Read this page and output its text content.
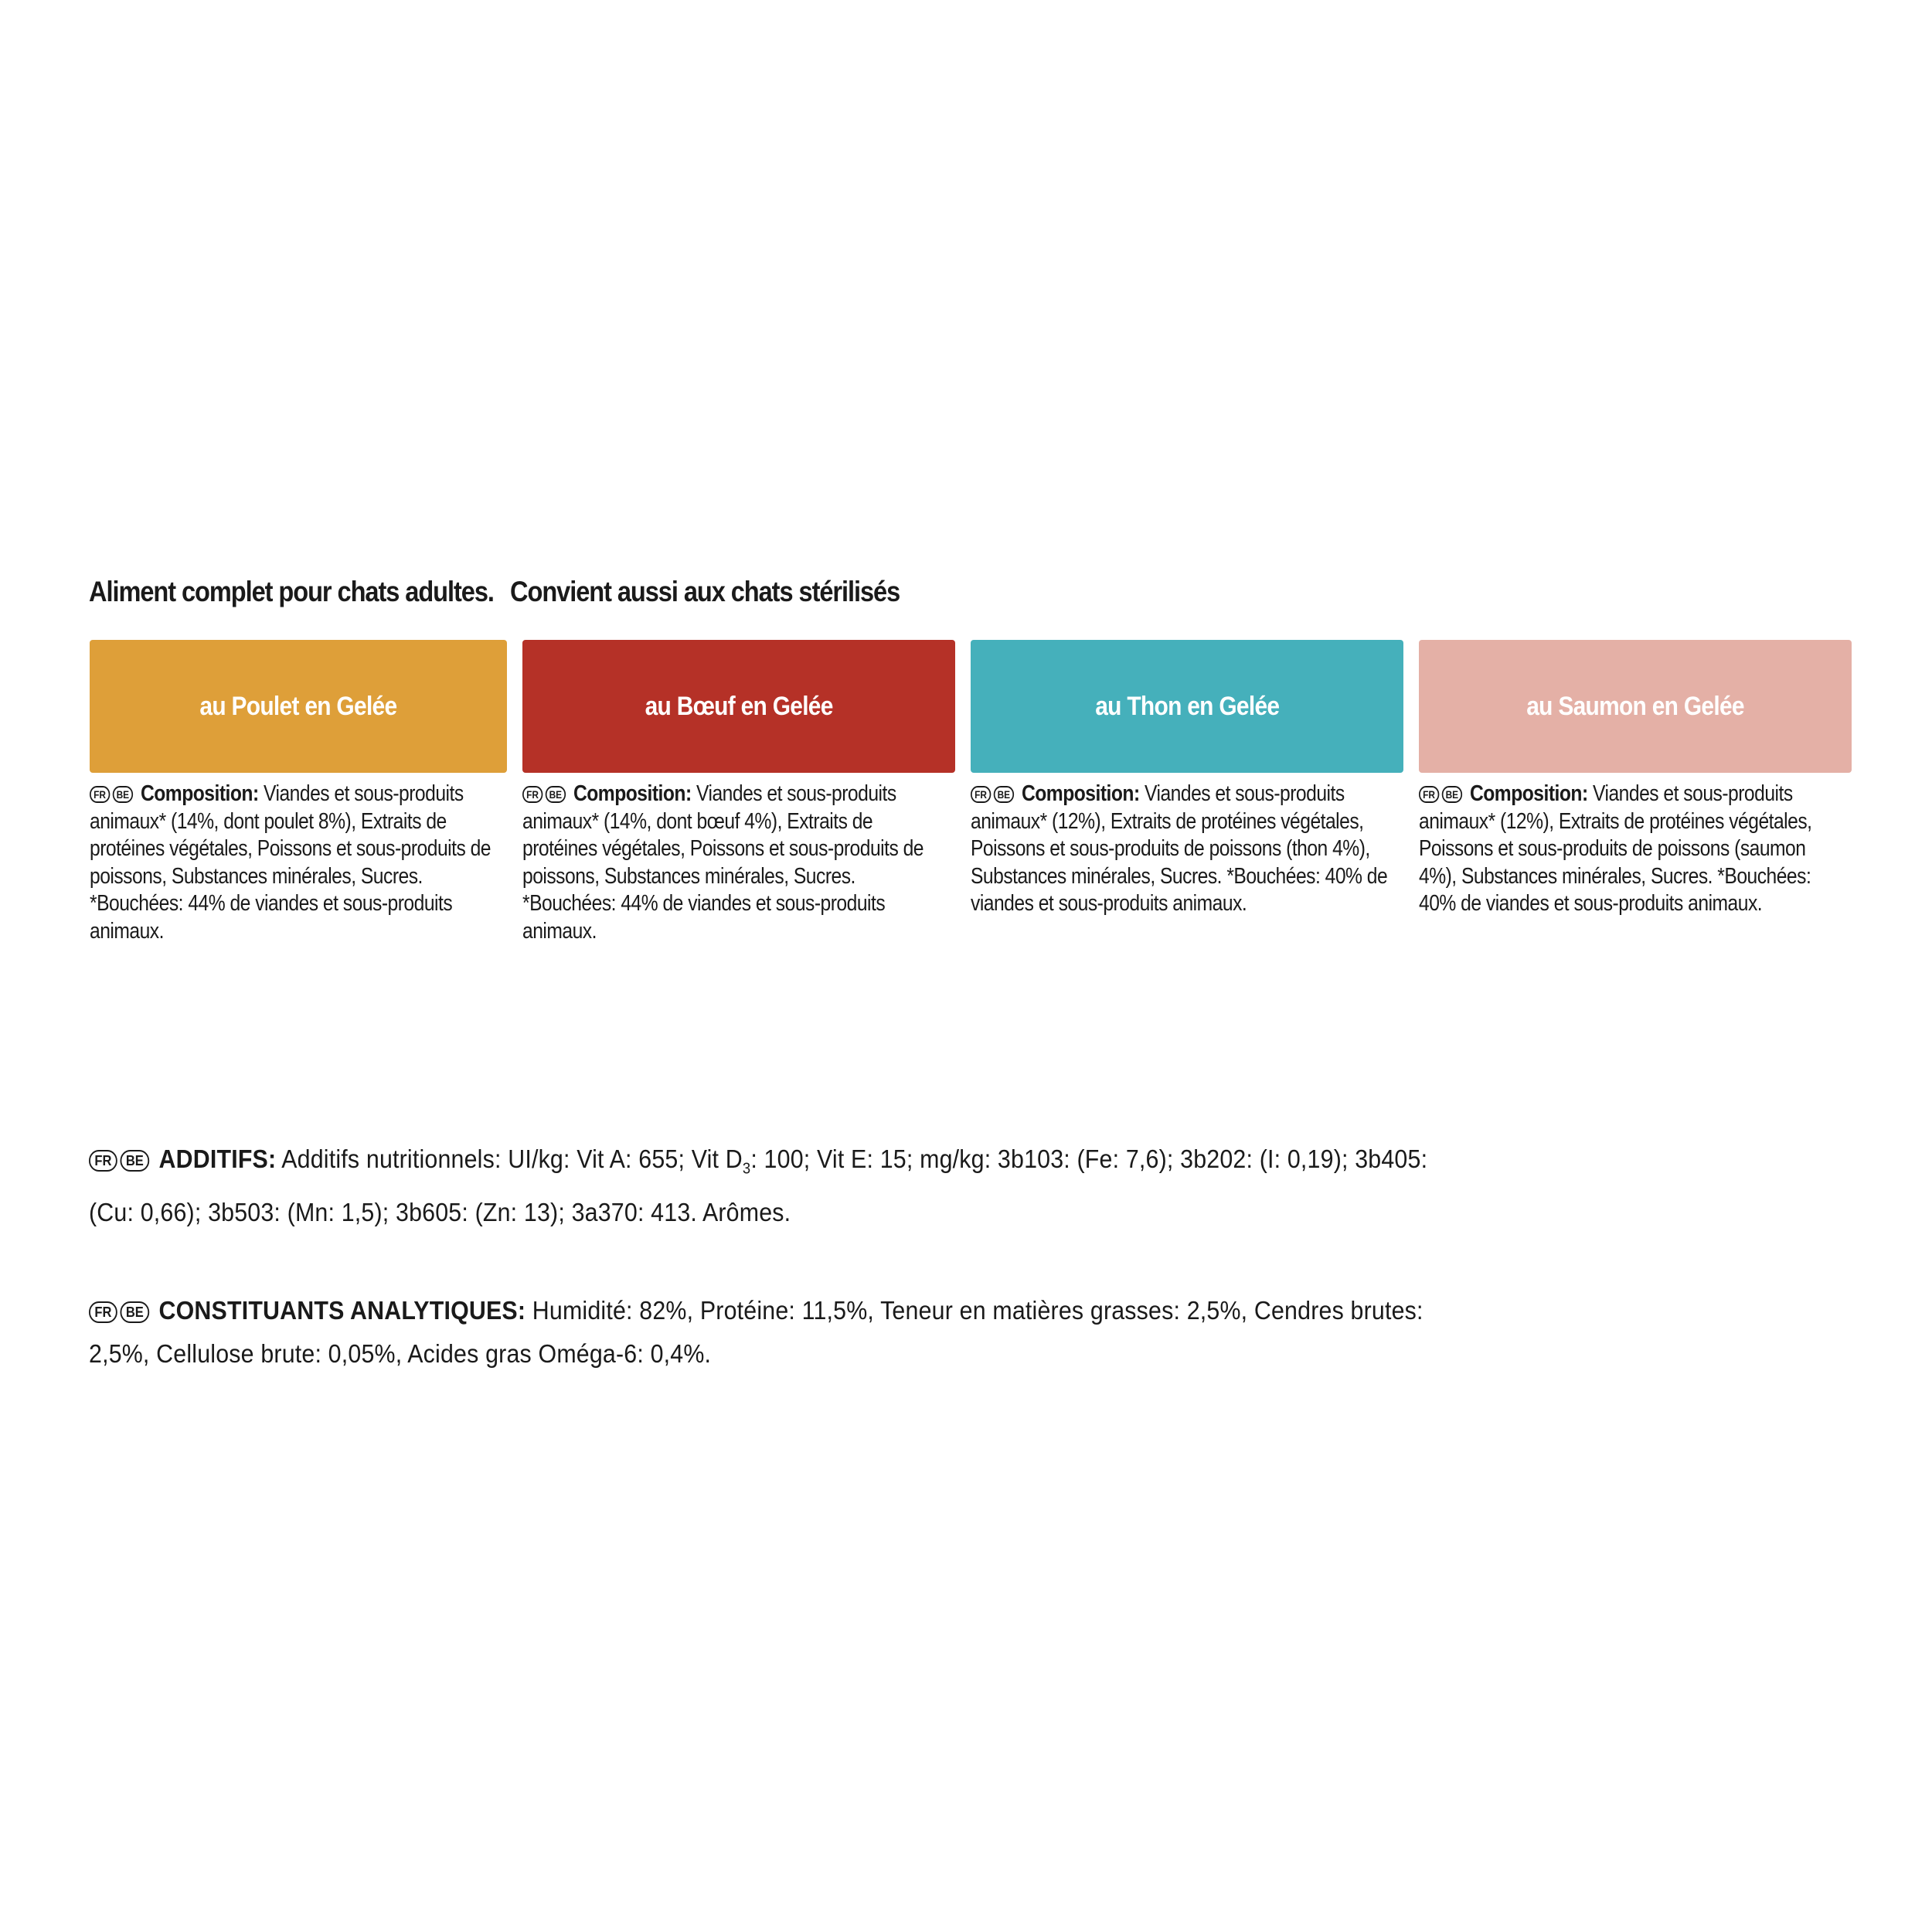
Aliment complet pour chats adultes. Convient aussi aux chats stérilisés
au Poulet en Gelée
FR BE Composition: Viandes et sous-produits animaux* (14%, dont poulet 8%), Extraits de protéines végétales, Poissons et sous-produits de poissons, Substances minérales, Sucres. *Bouchées: 44% de viandes et sous-produits animaux.
au Bœuf en Gelée
FR BE Composition: Viandes et sous-produits animaux* (14%, dont bœuf 4%), Extraits de protéines végétales, Poissons et sous-produits de poissons, Substances minérales, Sucres. *Bouchées: 44% de viandes et sous-produits animaux.
au Thon en Gelée
FR BE Composition: Viandes et sous-produits animaux* (12%), Extraits de protéines végétales, Poissons et sous-produits de poissons (thon 4%), Substances minérales, Sucres. *Bouchées: 40% de viandes et sous-produits animaux.
au Saumon en Gelée
FR BE Composition: Viandes et sous-produits animaux* (12%), Extraits de protéines végétales, Poissons et sous-produits de poissons (saumon 4%), Substances minérales, Sucres. *Bouchées: 40% de viandes et sous-produits animaux.
FR BE ADDITIFS: Additifs nutritionnels: UI/kg: Vit A: 655; Vit $D_3$: 100; Vit E: 15; mg/kg: 3b103: (Fe: 7,6); 3b202: (I: 0,19); 3b405: (Cu: 0,66); 3b503: (Mn: 1,5); 3b605: (Zn: 13); 3a370: 413. Arômes.
FR BE CONSTITUANTS ANALYTIQUES: Humidité: 82%, Protéine: 11,5%, Teneur en matières grasses: 2,5%, Cendres brutes: 2,5%, Cellulose brute: 0,05%, Acides gras Oméga-6: 0,4%.
